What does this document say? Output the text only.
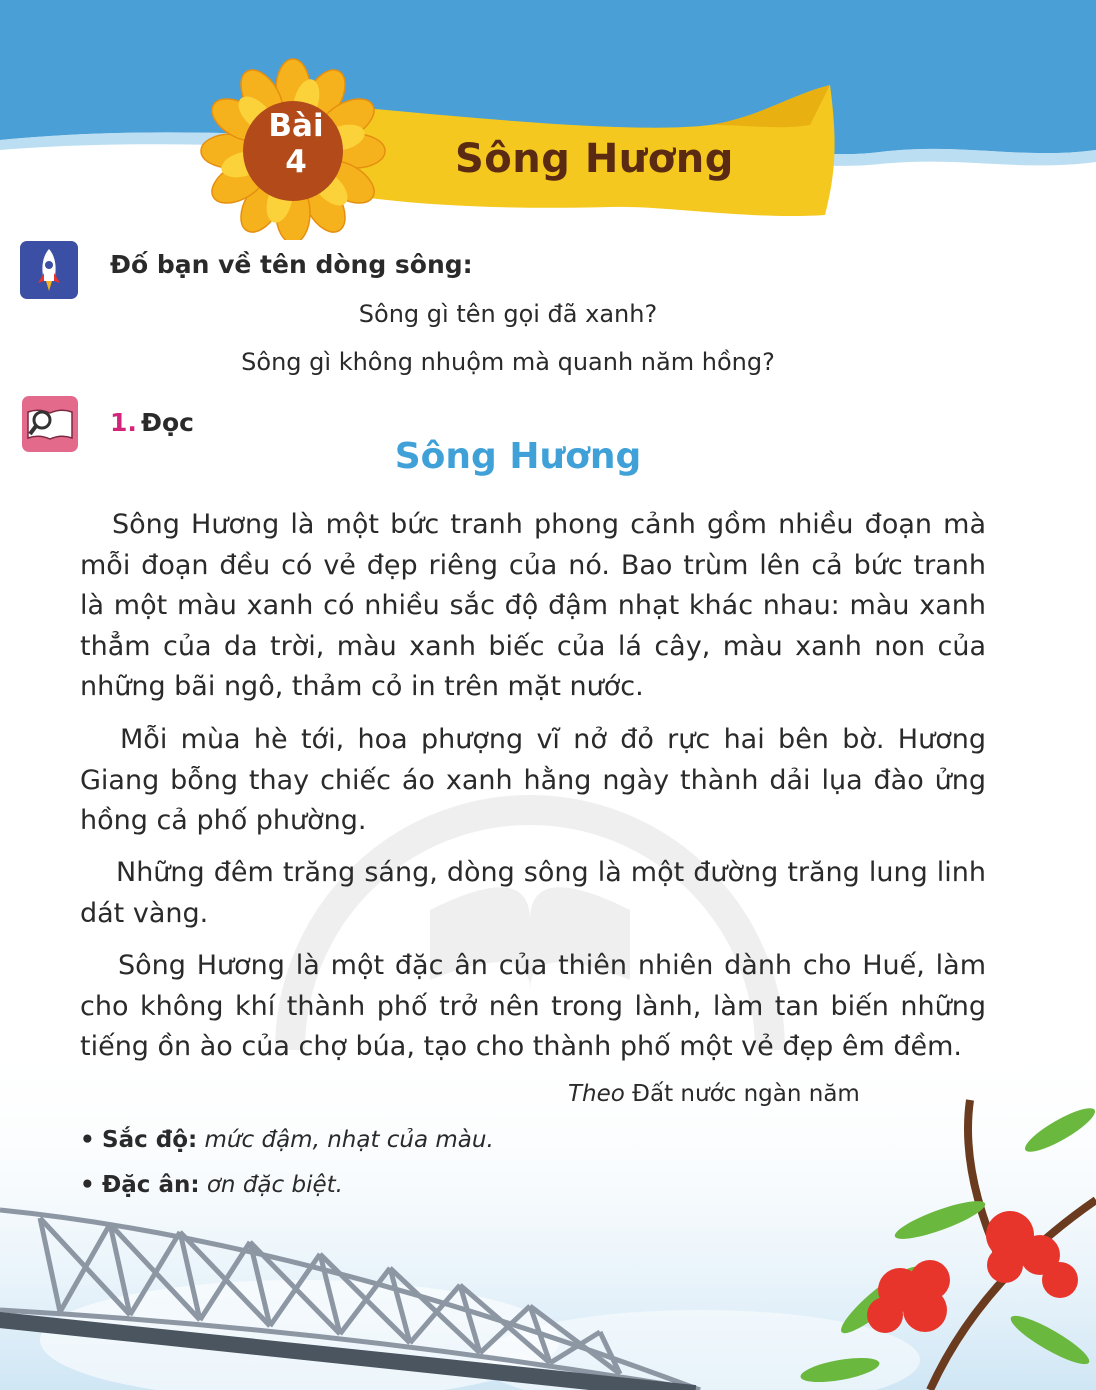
Bài
4	Sông Hương
Đố bạn về tên dòng sông:
Sông gì tên gọi đã xanh?
Sông gì không nhuộm mà quanh năm hồng?
1. Đọc
Sông Hương

Sông Hương là một bức tranh phong cảnh gồm nhiều đoạn mà mỗi đoạn đều có vẻ đẹp riêng của nó. Bao trùm lên cả bức tranh là một màu xanh có nhiều sắc độ đậm nhạt khác nhau: màu xanh thẳm của da trời, màu xanh biếc của lá cây, màu xanh non của những bãi ngô, thảm cỏ in trên mặt nước.

Mỗi mùa hè tới, hoa phượng vĩ nở đỏ rực hai bên bờ. Hương Giang bỗng thay chiếc áo xanh hằng ngày thành dải lụa đào ửng hồng cả phố phường.

Những đêm trăng sáng, dòng sông là một đường trăng lung linh dát vàng.

Sông Hương là một đặc ân của thiên nhiên dành cho Huế, làm cho không khí thành phố trở nên trong lành, làm tan biến những tiếng ồn ào của chợ búa, tạo cho thành phố một vẻ đẹp êm đềm.

Theo Đất nước ngàn năm
• Sắc độ: mức đậm, nhạt của màu.
• Đặc ân: ơn đặc biệt.
